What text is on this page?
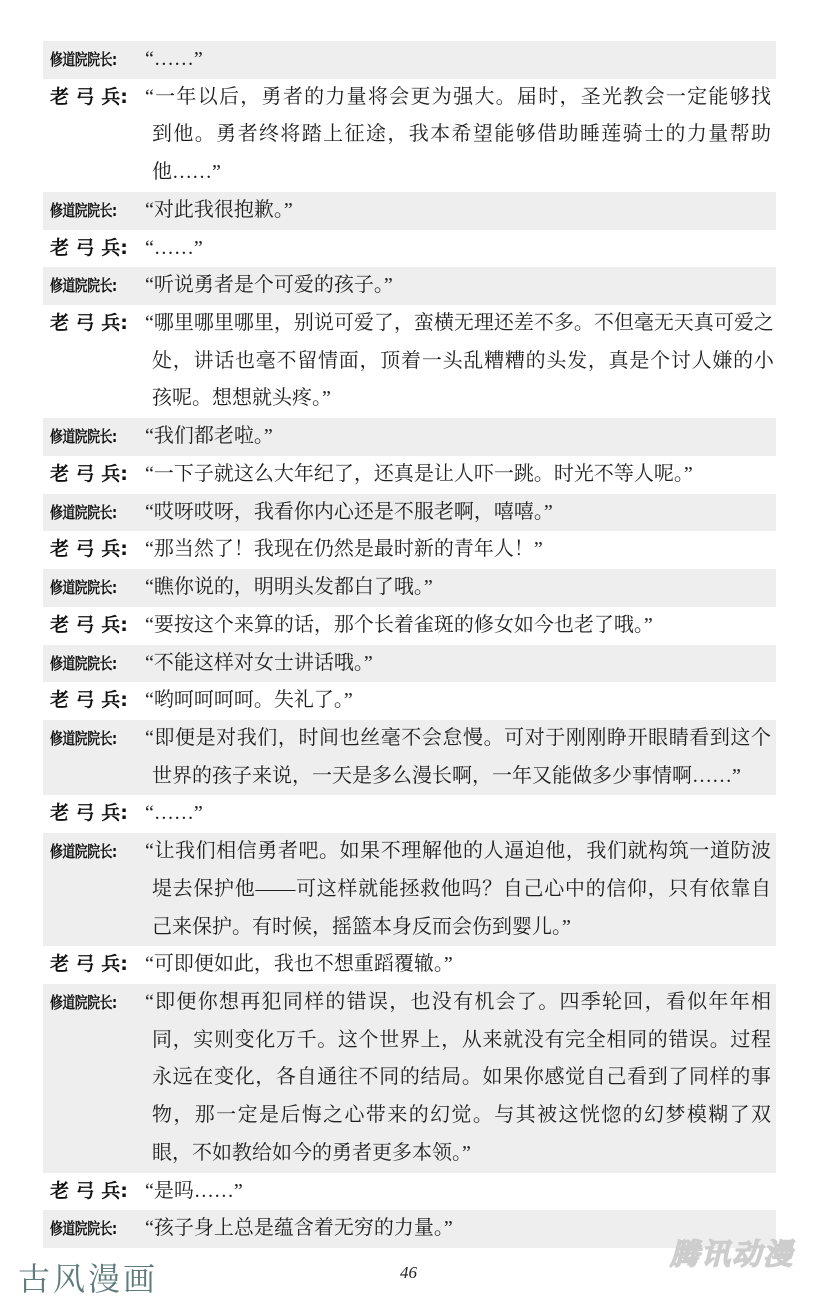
修道院院长:	“……”
老 弓 兵: “一年以后，勇者的力量将会更为强大。届时，圣光教会一定能够找
到他。勇者终将踏上征途，我本希望能够借助睡莲骑士的力量帮助
他……”
修道院院长:	“对此我很抱歉。”
老 弓 兵: “……”
修道院院长:	“听说勇者是个可爱的孩子。”
老 弓 兵: “哪里哪里哪里，别说可爱了，蛮横无理还差不多。不但毫无天真可爱之
处，讲话也毫不留情面，顶着一头乱糟糟的头发，真是个讨人嫌的小
孩呢。想想就头疼。”
修道院院长:	“我们都老啦。”
老 弓 兵: “一下子就这么大年纪了，还真是让人吓一跳。时光不等人呢。”
修道院院长:	“哎呀哎呀，我看你内心还是不服老啊，嘻嘻。”
老 弓 兵: “那当然了！我现在仍然是最时新的青年人！”
修道院院长:	“瞧你说的，明明头发都白了哦。”
老 弓 兵: “要按这个来算的话，那个长着雀斑的修女如今也老了哦。”
修道院院长:	“不能这样对女士讲话哦。”
老 弓 兵: “哟呵呵呵呵。失礼了。”
修道院院长:	“即便是对我们，时间也丝毫不会怠慢。可对于刚刚睁开眼睛看到这个
世界的孩子来说，一天是多么漫长啊，一年又能做多少事情啊……”
老 弓 兵: “……”
修道院院长:	“让我们相信勇者吧。如果不理解他的人逼迫他，我们就构筑一道防波
堤去保护他——可这样就能拯救他吗？自己心中的信仰，只有依靠自
己来保护。有时候，摇篮本身反而会伤到婴儿。”
老 弓 兵: “可即便如此，我也不想重蹈覆辙。”
修道院院长:	“即便你想再犯同样的错误，也没有机会了。四季轮回，看似年年相
同，实则变化万千。这个世界上，从来就没有完全相同的错误。过程
永远在变化，各自通往不同的结局。如果你感觉自己看到了同样的事
物，那一定是后悔之心带来的幻觉。与其被这恍惚的幻梦模糊了双
眼，不如教给如今的勇者更多本领。”
老 弓 兵: “是吗……”
修道院院长:	“孩子身上总是蕴含着无穷的力量。”
古风漫画	46
腾讯动漫
